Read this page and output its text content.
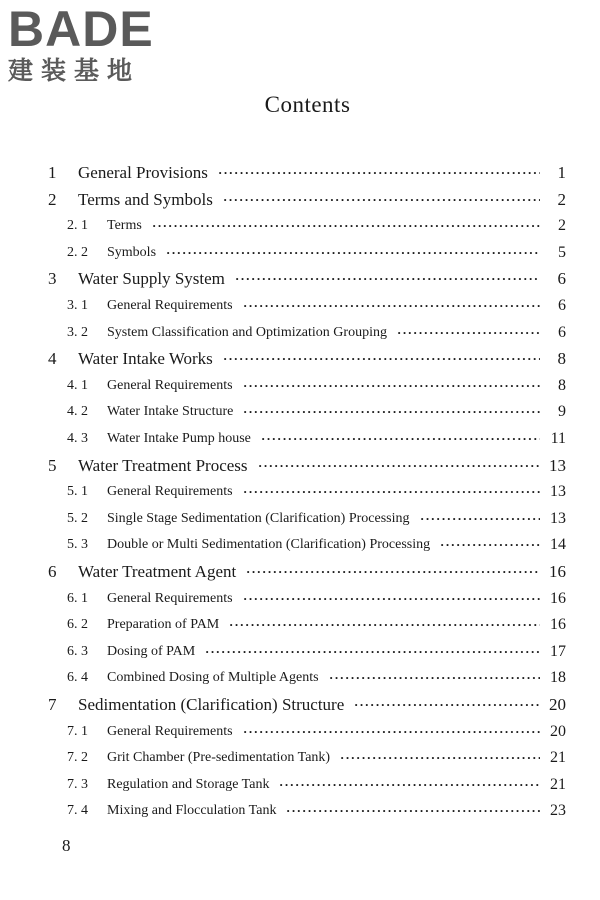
BADE
建装基地
Contents
1 General Provisions ·····	1
2 Terms and Symbols ·····	2
2. 1 Terms ·····	2
2. 2 Symbols ·····	5
3 Water Supply System ·····	6
3. 1 General Requirements ·····	6
3. 2 System Classification and Optimization Grouping ·····	6
4 Water Intake Works ·····	8
4. 1 General Requirements ·····	8
4. 2 Water Intake Structure ·····	9
4. 3 Water Intake Pump house ·····	11
5 Water Treatment Process ·····	13
5. 1 General Requirements ·····	13
5. 2 Single Stage Sedimentation (Clarification) Processing ·····	13
5. 3 Double or Multi Sedimentation (Clarification) Processing ·····	14
6 Water Treatment Agent ·····	16
6. 1 General Requirements ·····	16
6. 2 Preparation of PAM ·····	16
6. 3 Dosing of PAM ·····	17
6. 4 Combined Dosing of Multiple Agents ·····	18
7 Sedimentation (Clarification) Structure ·····	20
7. 1 General Requirements ·····	20
7. 2 Grit Chamber (Pre-sedimentation Tank) ·····	21
7. 3 Regulation and Storage Tank ·····	21
7. 4 Mixing and Flocculation Tank ·····	23
8
